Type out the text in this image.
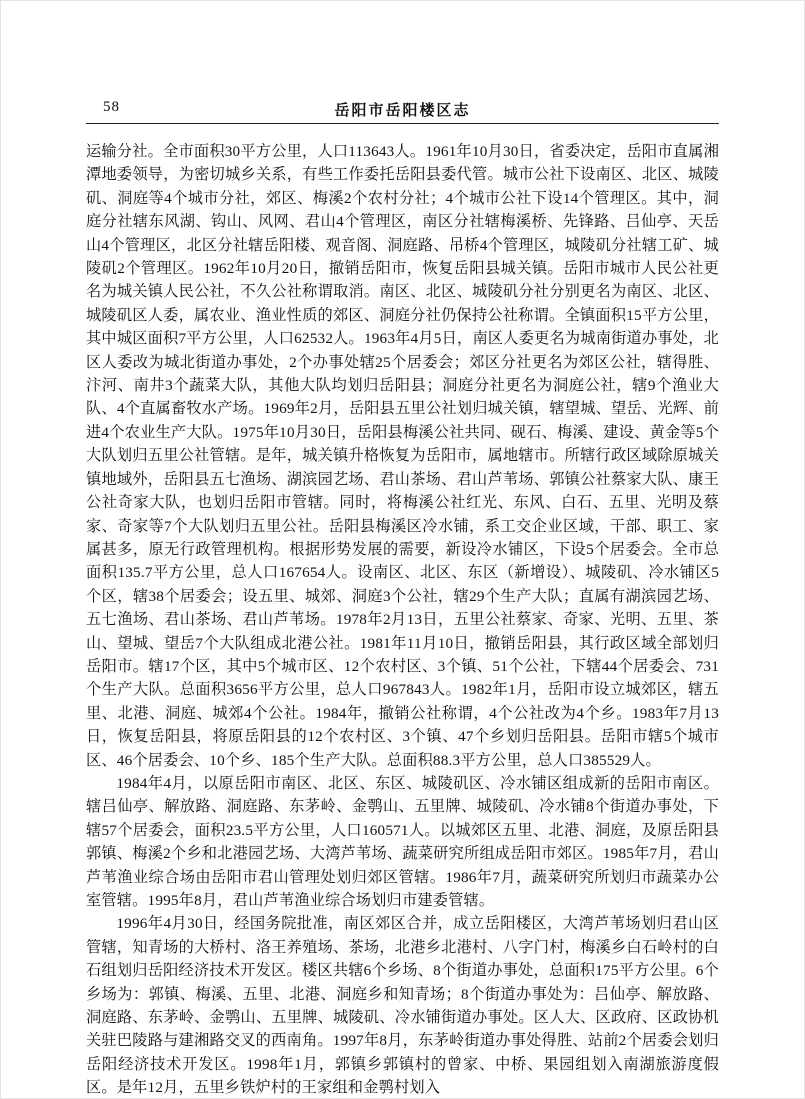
58	岳阳市岳阳楼区志

运输分社。全市面积30平方公里，人口113643人。1961年10月30日，省委决定，岳阳市直属湘潭地委领导，为密切城乡关系，有些工作委托岳阳县委代管。城市公社下设南区、北区、城陵矶、洞庭等4个城市分社，郊区、梅溪2个农村分社；4个城市公社下设14个管理区。其中，洞庭分社辖东风湖、钩山、风网、君山4个管理区，南区分社辖梅溪桥、先锋路、吕仙亭、天岳山4个管理区，北区分社辖岳阳楼、观音阁、洞庭路、吊桥4个管理区，城陵矶分社辖工矿、城陵矶2个管理区。1962年10月20日，撤销岳阳市，恢复岳阳县城关镇。岳阳市城市人民公社更名为城关镇人民公社，不久公社称谓取消。南区、北区、城陵矶分社分别更名为南区、北区、城陵矶区人委，属农业、渔业性质的郊区、洞庭分社仍保持公社称谓。全镇面积15平方公里，其中城区面积7平方公里，人口62532人。1963年4月5日，南区人委更名为城南街道办事处，北区人委改为城北街道办事处，2个办事处辖25个居委会；郊区分社更名为郊区公社，辖得胜、汴河、南井3个蔬菜大队，其他大队均划归岳阳县；洞庭分社更名为洞庭公社，辖9个渔业大队、4个直属畜牧水产场。1969年2月，岳阳县五里公社划归城关镇，辖望城、望岳、光辉、前进4个农业生产大队。1975年10月30日，岳阳县梅溪公社共同、砚石、梅溪、建设、黄金等5个大队划归五里公社管辖。是年，城关镇升格恢复为岳阳市，属地辖市。所辖行政区域除原城关镇地域外，岳阳县五七渔场、湖滨园艺场、君山茶场、君山芦苇场、郭镇公社蔡家大队、康王公社奇家大队，也划归岳阳市管辖。同时，将梅溪公社红光、东风、白石、五里、光明及蔡家、奇家等7个大队划归五里公社。岳阳县梅溪区冷水铺，系工交企业区域，干部、职工、家属甚多，原无行政管理机构。根据形势发展的需要，新设冷水铺区，下设5个居委会。全市总面积135.7平方公里，总人口167654人。设南区、北区、东区（新增设）、城陵矶、冷水铺区5个区，辖38个居委会；设五里、城郊、洞庭3个公社，辖29个生产大队；直属有湖滨园艺场、五七渔场、君山茶场、君山芦苇场。1978年2月13日，五里公社蔡家、奇家、光明、五里、茶山、望城、望岳7个大队组成北港公社。1981年11月10日，撤销岳阳县，其行政区域全部划归岳阳市。辖17个区，其中5个城市区、12个农村区、3个镇、51个公社，下辖44个居委会、731个生产大队。总面积3656平方公里，总人口967843人。1982年1月，岳阳市设立城郊区，辖五里、北港、洞庭、城郊4个公社。1984年，撤销公社称谓，4个公社改为4个乡。1983年7月13日，恢复岳阳县，将原岳阳县的12个农村区、3个镇、47个乡划归岳阳县。岳阳市辖5个城市区、46个居委会、10个乡、185个生产大队。总面积88.3平方公里，总人口385529人。

1984年4月，以原岳阳市南区、北区、东区、城陵矶区、冷水铺区组成新的岳阳市南区。辖吕仙亭、解放路、洞庭路、东茅岭、金鹗山、五里牌、城陵矶、冷水铺8个街道办事处，下辖57个居委会，面积23.5平方公里，人口160571人。以城郊区五里、北港、洞庭，及原岳阳县郭镇、梅溪2个乡和北港园艺场、大湾芦苇场、蔬菜研究所组成岳阳市郊区。1985年7月，君山芦苇渔业综合场由岳阳市君山管理处划归郊区管辖。1986年7月，蔬菜研究所划归市蔬菜办公室管辖。1995年8月，君山芦苇渔业综合场划归市建委管辖。

1996年4月30日，经国务院批准，南区郊区合并，成立岳阳楼区，大湾芦苇场划归君山区管辖，知青场的大桥村、洛王养殖场、茶场，北港乡北港村、八字门村，梅溪乡白石岭村的白石组划归岳阳经济技术开发区。楼区共辖6个乡场、8个街道办事处，总面积175平方公里。6个乡场为：郭镇、梅溪、五里、北港、洞庭乡和知青场；8个街道办事处为：吕仙亭、解放路、洞庭路、东茅岭、金鹗山、五里牌、城陵矶、冷水铺街道办事处。区人大、区政府、区政协机关驻巴陵路与建湘路交叉的西南角。1997年8月，东茅岭街道办事处得胜、站前2个居委会划归岳阳经济技术开发区。1998年1月，郭镇乡郭镇村的曾家、中桥、果园组划入南湖旅游度假区。是年12月，五里乡铁炉村的王家组和金鹗村划入
